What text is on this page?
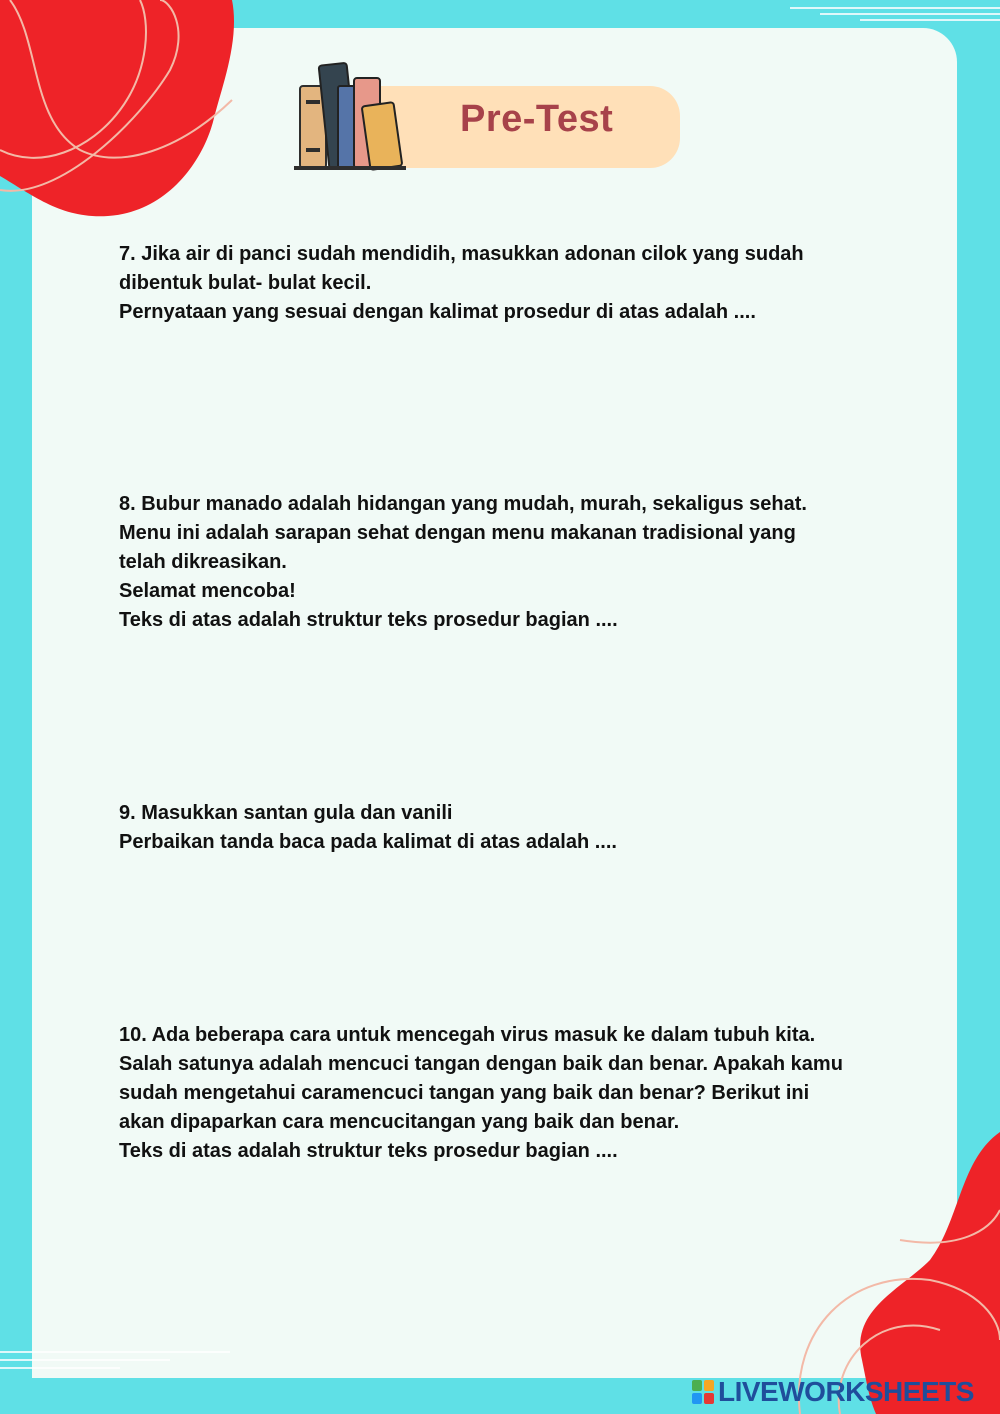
Pre-Test

7. Jika air di panci sudah mendidih, masukkan adonan cilok yang sudah

dibentuk bulat- bulat kecil.

Pernyataan yang sesuai dengan kalimat prosedur di atas adalah ....

8. Bubur manado adalah hidangan yang mudah, murah, sekaligus sehat.

Menu ini adalah sarapan sehat dengan menu makanan tradisional yang

telah dikreasikan.

Selamat mencoba!

Teks di atas adalah struktur teks prosedur bagian ....

9. Masukkan santan gula dan vanili

Perbaikan tanda baca pada kalimat di atas adalah ....

10. Ada beberapa cara untuk mencegah virus masuk ke dalam tubuh kita.

Salah satunya adalah mencuci tangan dengan baik dan benar. Apakah kamu

sudah mengetahui caramencuci tangan yang baik dan benar? Berikut ini

akan dipaparkan cara mencucitangan yang baik dan benar.

Teks di atas adalah struktur teks prosedur bagian ....

LIVEWORKSHEETS
